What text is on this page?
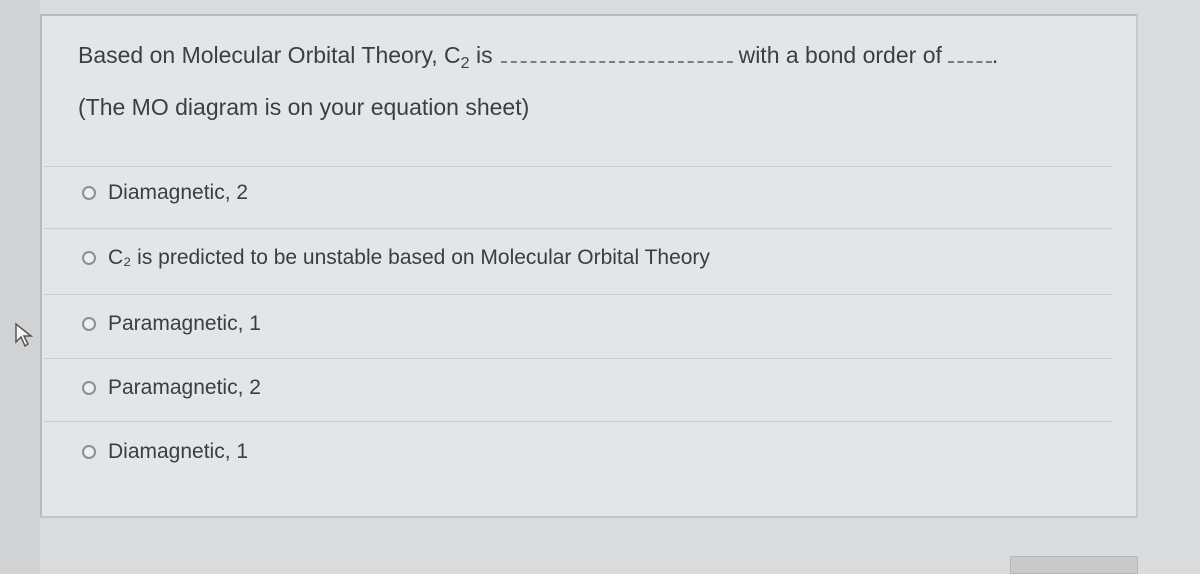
Based on Molecular Orbital Theory, $C_2$ is	with a bond order of .
(The MO diagram is on your equation sheet)
Diamagnetic, 2
C₂ is predicted to be unstable based on Molecular Orbital Theory
Paramagnetic, 1
Paramagnetic, 2
Diamagnetic, 1
